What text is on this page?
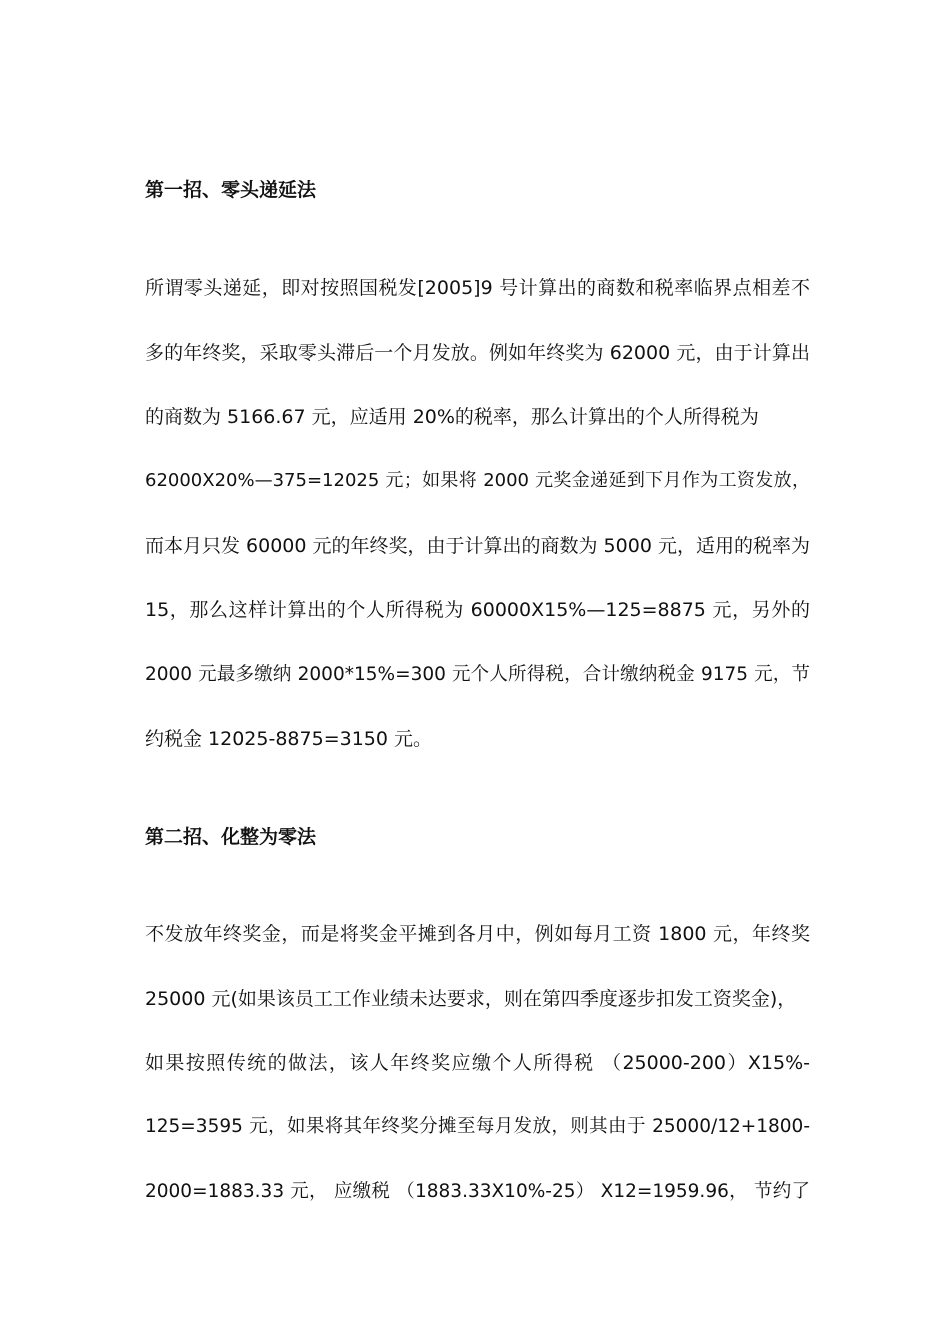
第一招、零头递延法
所谓零头递延，即对按照国税发[2005]9 号计算出的商数和税率临界点相差不
多的年终奖，采取零头滞后一个月发放。例如年终奖为 62000 元，由于计算出
的商数为 5166.67 元，应适用 20%的税率，那么计算出的个人所得税为
62000X20%—375=12025 元；如果将 2000 元奖金递延到下月作为工资发放，
而本月只发 60000 元的年终奖，由于计算出的商数为 5000 元，适用的税率为
15，那么这样计算出的个人所得税为 60000X15%—125=8875 元，另外的
2000 元最多缴纳 2000*15%=300 元个人所得税，合计缴纳税金 9175 元，节
约税金 12025-8875=3150 元。
第二招、化整为零法
不发放年终奖金，而是将奖金平摊到各月中，例如每月工资 1800 元，年终奖
25000 元(如果该员工工作业绩未达要求，则在第四季度逐步扣发工资奖金)，
如果按照传统的做法，该人年终奖应缴个人所得税 （25000-200）X15%-
125=3595 元，如果将其年终奖分摊至每月发放，则其由于 25000/12+1800-
2000=1883.33 元， 应缴税 （1883.33X10%-25） X12=1959.96， 节约了
